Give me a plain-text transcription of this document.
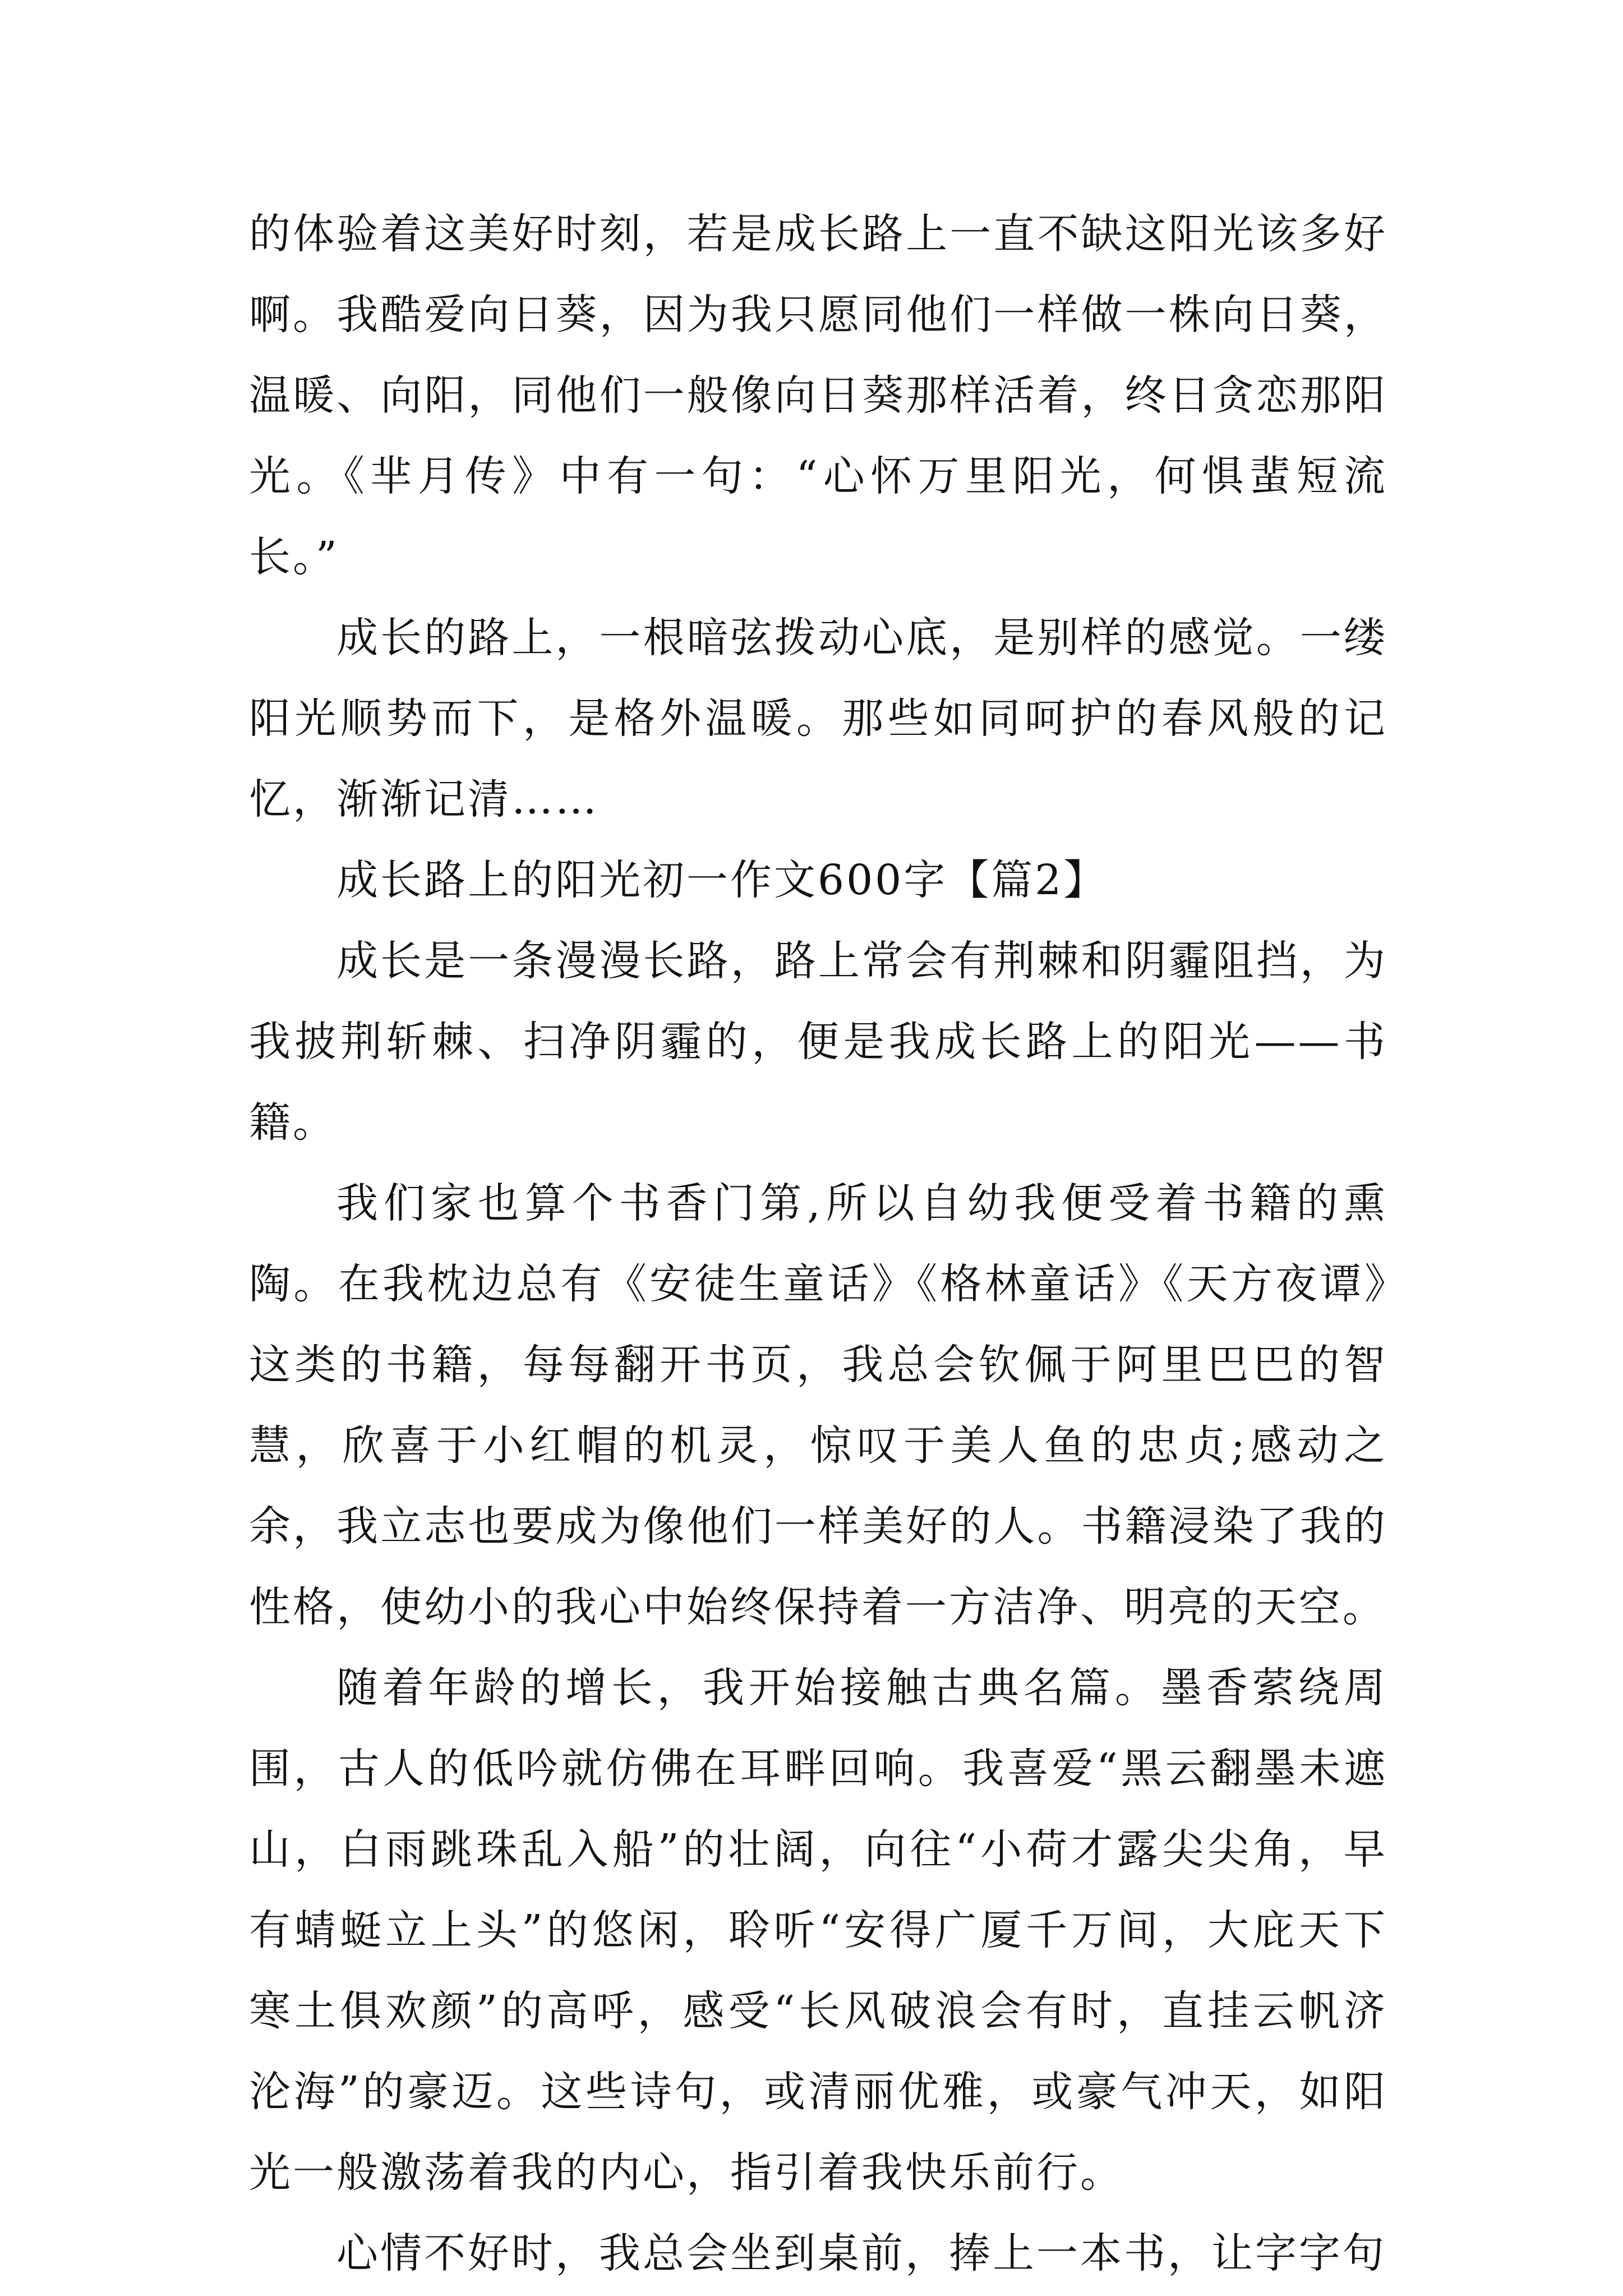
的体验着这美好时刻，若是成长路上一直不缺这阳光该多好啊。我酷爱向日葵，因为我只愿同他们一样做一株向日葵，温暖、向阳，同他们一般像向日葵那样活着，终日贪恋那阳光。《芈月传》中有一句：“心怀万里阳光，何惧蜚短流长。”

成长的路上，一根暗弦拨动心底，是别样的感觉。一缕阳光顺势而下，是格外温暖。那些如同呵护的春风般的记忆，渐渐记清……

成长路上的阳光初一作文600字【篇2】

成长是一条漫漫长路，路上常会有荆棘和阴霾阻挡，为我披荆斩棘、扫净阴霾的，便是我成长路上的阳光——书籍。

我们家也算个书香门第,所以自幼我便受着书籍的熏陶。在我枕边总有《安徒生童话》《格林童话》《天方夜谭》这类的书籍，每每翻开书页，我总会钦佩于阿里巴巴的智慧，欣喜于小红帽的机灵，惊叹于美人鱼的忠贞;感动之余，我立志也要成为像他们一样美好的人。书籍浸染了我的性格，使幼小的我心中始终保持着一方洁净、明亮的天空。

随着年龄的增长，我开始接触古典名篇。墨香萦绕周围，古人的低吟就仿佛在耳畔回响。我喜爱“黑云翻墨未遮山，白雨跳珠乱入船”的壮阔，向往“小荷才露尖尖角，早有蜻蜓立上头”的悠闲，聆听“安得广厦千万间，大庇天下寒土俱欢颜”的高呼，感受“长风破浪会有时，直挂云帆济沦海”的豪迈。这些诗句，或清丽优雅，或豪气冲天，如阳光一般激荡着我的内心，指引着我快乐前行。

心情不好时，我总会坐到桌前，捧上一本书，让字字句
